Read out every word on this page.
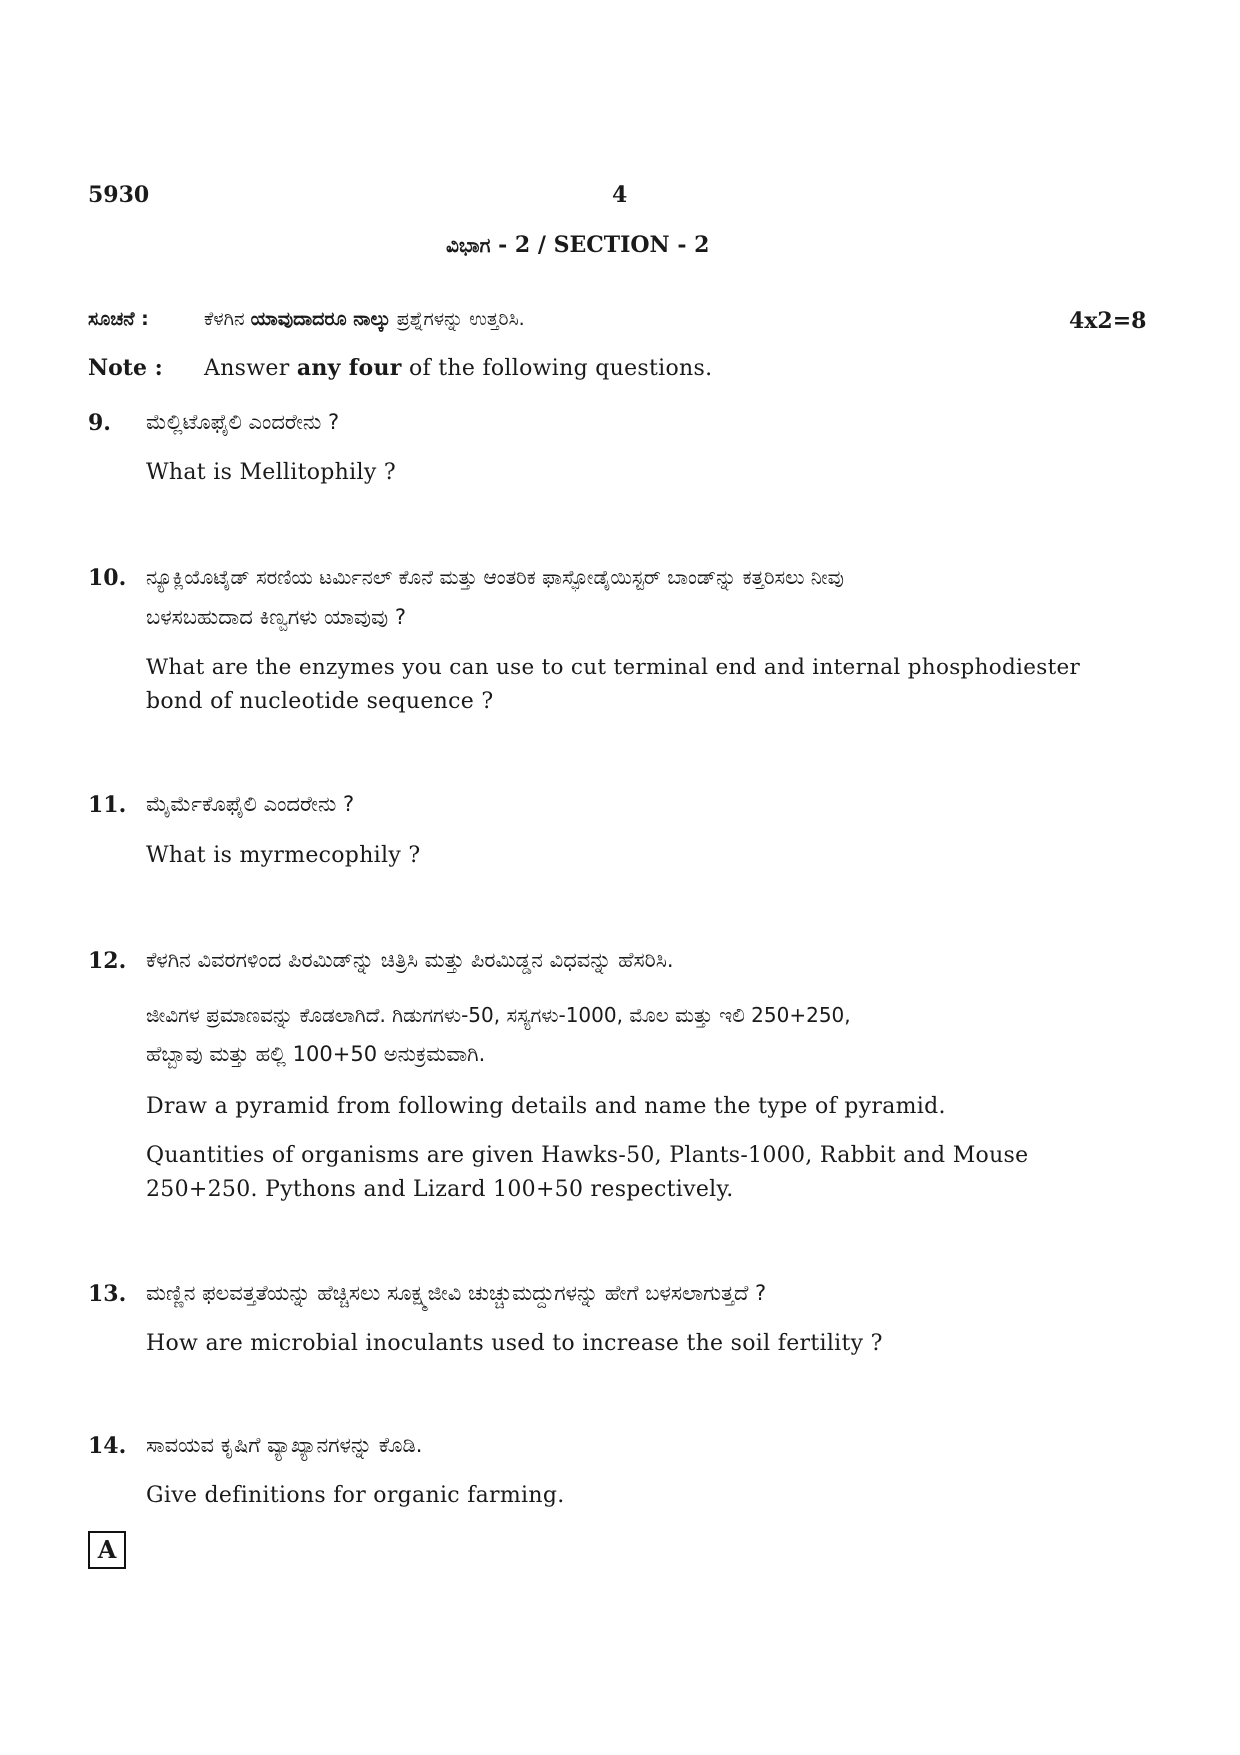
5930	4
ವಿಭಾಗ - 2 / SECTION - 2
ಸೂಚನೆ :	ಕೆಳಗಿನ ಯಾವುದಾದರೂ ನಾಲ್ಕು ಪ್ರಶ್ನೆಗಳನ್ನು ಉತ್ತರಿಸಿ.	4x2=8
Note : Answer any four of the following questions.
9. ಮೆಲ್ಲಿಟೊಫೈಲಿ ಎಂದರೇನು ?
What is Mellitophily ?
10. ನ್ಯೂಕ್ಲಿಯೊಟೈಡ್ ಸರಣಿಯ ಟರ್ಮಿನಲ್ ಕೊನೆ ಮತ್ತು ಆಂತರಿಕ ಫಾಸ್ಫೋಡೈಯಿಸ್ಟರ್ ಬಾಂಡ್‌ನ್ನು ಕತ್ತರಿಸಲು ನೀವು
ಬಳಸಬಹುದಾದ ಕಿಣ್ವಗಳು ಯಾವುವು ?
What are the enzymes you can use to cut terminal end and internal phosphodiester
bond of nucleotide sequence ?
11. ಮೈರ್ಮೆಕೊಫೈಲಿ ಎಂದರೇನು ?
What is myrmecophily ?
12. ಕೆಳಗಿನ ವಿವರಗಳಿಂದ ಪಿರಮಿಡ್‌ನ್ನು ಚಿತ್ರಿಸಿ ಮತ್ತು ಪಿರಮಿಡ್ಡನ ವಿಧವನ್ನು ಹೆಸರಿಸಿ.
ಜೀವಿಗಳ ಪ್ರಮಾಣವನ್ನು ಕೊಡಲಾಗಿದೆ. ಗಿಡುಗಗಳು-50, ಸಸ್ಯಗಳು-1000, ಮೊಲ ಮತ್ತು ಇಲಿ 250+250,
ಹೆಬ್ಬಾವು ಮತ್ತು ಹಲ್ಲಿ 100+50 ಅನುಕ್ರಮವಾಗಿ.
Draw a pyramid from following details and name the type of pyramid.
Quantities of organisms are given Hawks-50, Plants-1000, Rabbit and Mouse
250+250. Pythons and Lizard 100+50 respectively.
13. ಮಣ್ಣಿನ ಫಲವತ್ತತೆಯನ್ನು ಹೆಚ್ಚಿಸಲು ಸೂಕ್ಷ್ಮಜೀವಿ ಚುಚ್ಚುಮದ್ದುಗಳನ್ನು ಹೇಗೆ ಬಳಸಲಾಗುತ್ತದೆ ?
How are microbial inoculants used to increase the soil fertility ?
14. ಸಾವಯವ ಕೃಷಿಗೆ ವ್ಯಾಖ್ಯಾನಗಳನ್ನು ಕೊಡಿ.
Give definitions for organic farming.
A
